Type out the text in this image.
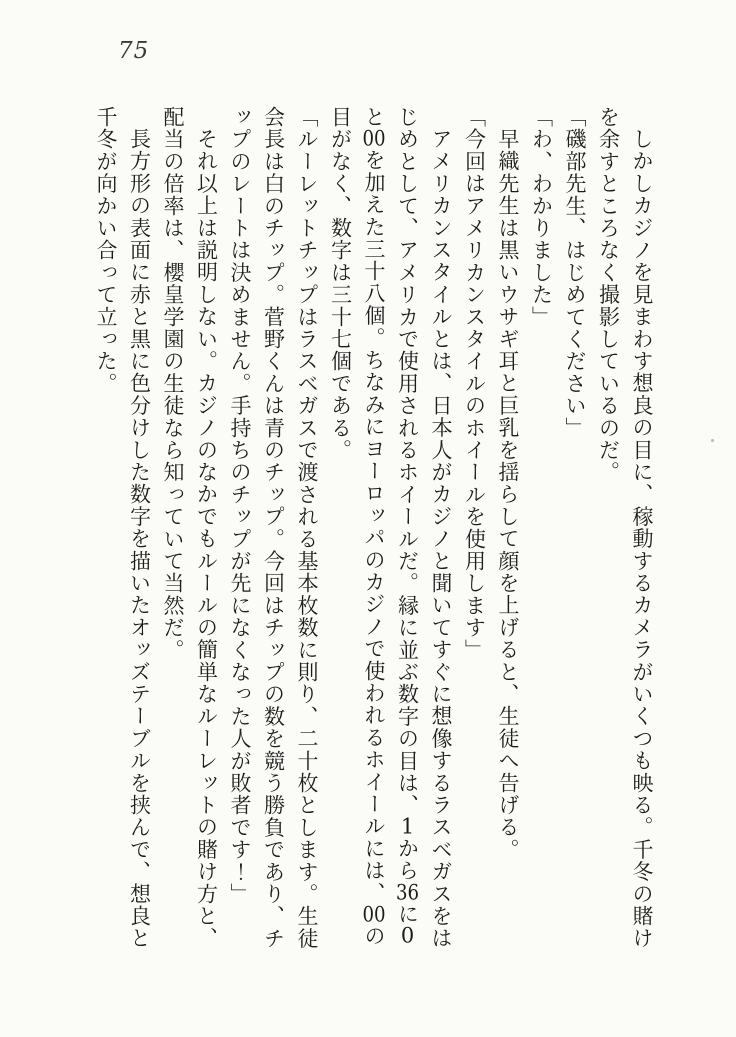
75
しかしカジノを見まわす想良の目に、稼動するカメラがいくつも映る。千冬の賭け
を余すところなく撮影しているのだ。
「磯部先生、はじめてください」
「わ、わかりました」
早織先生は黒いウサギ耳と巨乳を揺らして顔を上げると、生徒へ告げる。
「今回はアメリカンスタイルのホイールを使用します」
アメリカンスタイルとは、日本人がカジノと聞いてすぐに想像するラスベガスをは
じめとして、アメリカで使用されるホイールだ。縁に並ぶ数字の目は、1から36に0
と00を加えた三十八個。ちなみにヨーロッパのカジノで使われるホイールには、00の
目がなく、数字は三十七個である。
「ルーレットチップはラスベガスで渡される基本枚数に則り、二十枚とします。生徒
会長は白のチップ。菅野くんは青のチップ。今回はチップの数を競う勝負であり、チ
ップのレートは決めません。手持ちのチップが先になくなった人が敗者です！」
それ以上は説明しない。カジノのなかでもルールの簡単なルーレットの賭け方と、
配当の倍率は、櫻皇学園の生徒なら知っていて当然だ。
長方形の表面に赤と黒に色分けした数字を描いたオッズテーブルを挟んで、想良と
千冬が向かい合って立った。
